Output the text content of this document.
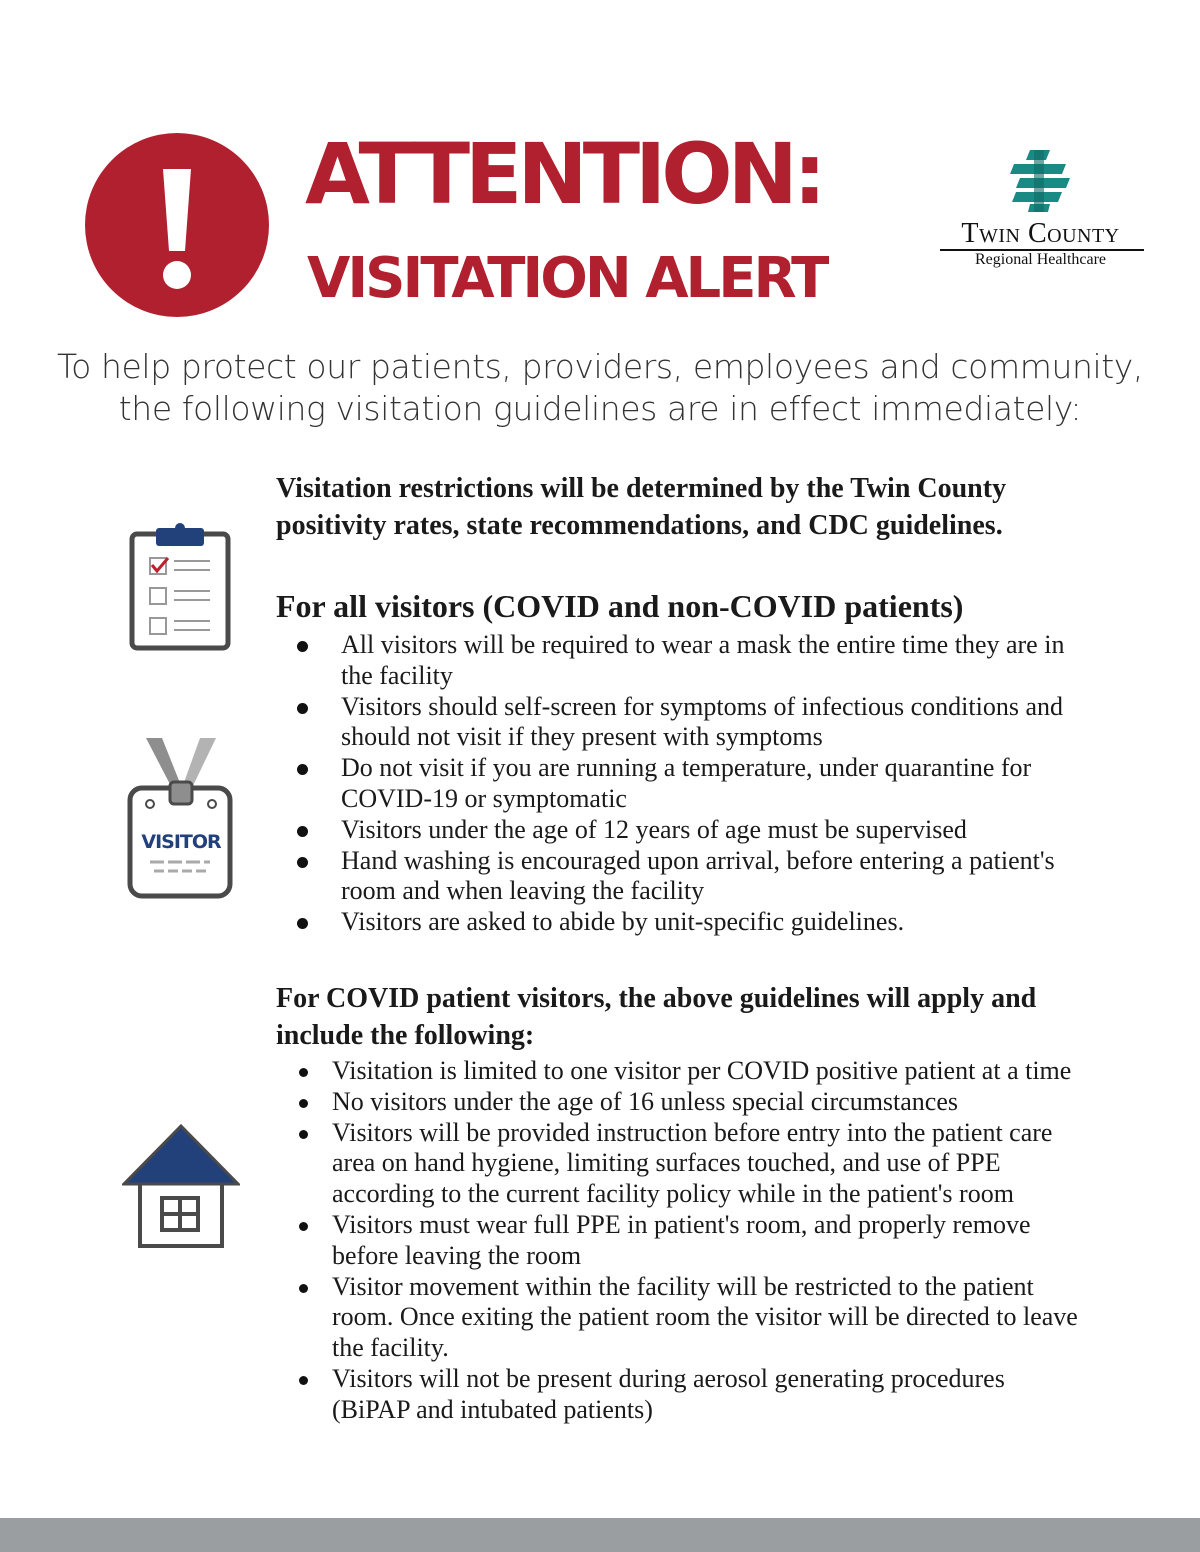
ATTENTION:
VISITATION ALERT
Twin County
Regional Healthcare
To help protect our patients, providers, employees and community,
the following visitation guidelines are in effect immediately:
VISITOR
Visitation restrictions will be determined by the Twin County
positivity rates, state recommendations, and CDC guidelines.
For all visitors (COVID and non-COVID patients)
All visitors will be required to wear a mask the entire time they are in
the facility
Visitors should self-screen for symptoms of infectious conditions and
should not visit if they present with symptoms
Do not visit if you are running a temperature, under quarantine for
COVID-19 or symptomatic
Visitors under the age of 12 years of age must be supervised
Hand washing is encouraged upon arrival, before entering a patient's
room and when leaving the facility
Visitors are asked to abide by unit-specific guidelines.
For COVID patient visitors, the above guidelines will apply and
include the following:
Visitation is limited to one visitor per COVID positive patient at a time
No visitors under the age of 16 unless special circumstances
Visitors will be provided instruction before entry into the patient care
area on hand hygiene, limiting surfaces touched, and use of PPE
according to the current facility policy while in the patient's room
Visitors must wear full PPE in patient's room, and properly remove
before leaving the room
Visitor movement within the facility will be restricted to the patient
room. Once exiting the patient room the visitor will be directed to leave
the facility.
Visitors will not be present during aerosol generating procedures
(BiPAP and intubated patients)
